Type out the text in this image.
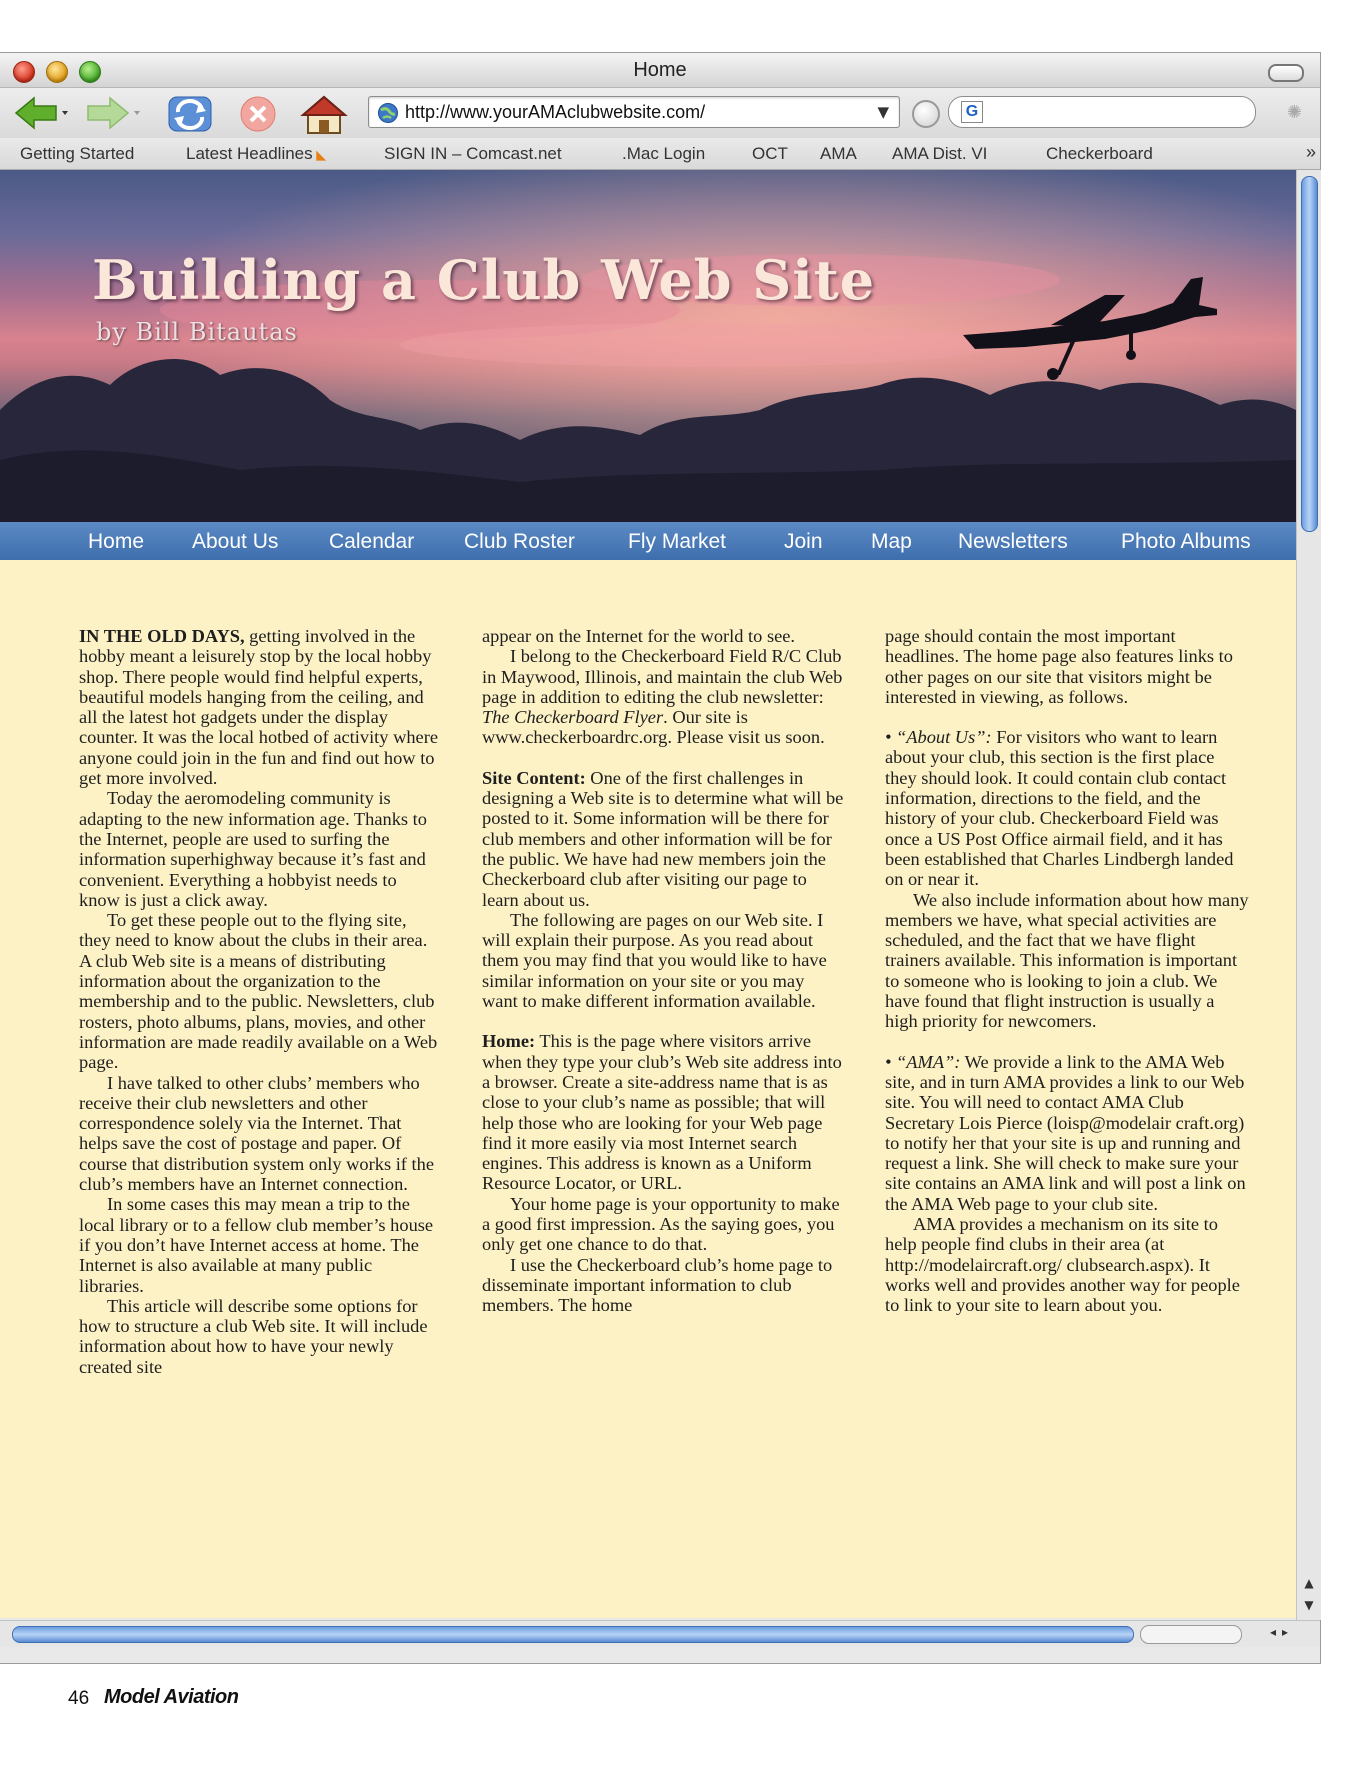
Home
http://www.yourAMAclubwebsite.com/	▼	G	✺
Getting Started	Latest Headlines ◣	SIGN IN – Comcast.net	.Mac Login	OCT AMA AMA Dist. VI	Checkerboard	»
Building a Club Web Site
by Bill Bitautas
Home About Us Calendar Club Roster	Fly Market	Join Map Newsletters	Photo Albums

IN THE OLD DAYS, getting involved in the hobby meant a leisurely stop by the local hobby shop. There people would find helpful experts, beautiful models hanging from the ceiling, and all the latest hot gadgets under the display counter. It was the local hotbed of activity where anyone could join in the fun and find out how to get more involved.

Today the aeromodeling community is adapting to the new information age. Thanks to the Internet, people are used to surfing the information superhighway because it’s fast and convenient. Everything a hobbyist needs to know is just a click away.

To get these people out to the flying site, they need to know about the clubs in their area. A club Web site is a means of distributing information about the organization to the membership and to the public. Newsletters, club rosters, photo albums, plans, movies, and other information are made readily available on a Web page.

I have talked to other clubs’ members who receive their club newsletters and other correspondence solely via the Internet. That helps save the cost of postage and paper. Of course that distribution system only works if the club’s members have an Internet connection.

In some cases this may mean a trip to the local library or to a fellow club member’s house if you don’t have Internet access at home. The Internet is also available at many public libraries.

This article will describe some options for how to structure a club Web site. It will include information about how to have your newly created site

appear on the Internet for the world to see.

I belong to the Checkerboard Field R/C Club in Maywood, Illinois, and maintain the club Web page in addition to editing the club newsletter: The Checkerboard Flyer. Our site is www.checkerboardrc.org. Please visit us soon.

Site Content: One of the first challenges in designing a Web site is to determine what will be posted to it. Some information will be there for club members and other information will be for the public. We have had new members join the Checkerboard club after visiting our page to learn about us.

The following are pages on our Web site. I will explain their purpose. As you read about them you may find that you would like to have similar information on your site or you may want to make different information available.

Home: This is the page where visitors arrive when they type your club’s Web site address into a browser. Create a site-address name that is as close to your club’s name as possible; that will help those who are looking for your Web page find it more easily via most Internet search engines. This address is known as a Uniform Resource Locator, or URL.

Your home page is your opportunity to make a good first impression. As the saying goes, you only get one chance to do that.

I use the Checkerboard club’s home page to disseminate important information to club members. The home

page should contain the most important headlines. The home page also features links to other pages on our site that visitors might be interested in viewing, as follows.

• “About Us”: For visitors who want to learn about your club, this section is the first place they should look. It could contain club contact information, directions to the field, and the history of your club. Checkerboard Field was once a US Post Office airmail field, and it has been established that Charles Lindbergh landed on or near it.

We also include information about how many members we have, what special activities are scheduled, and the fact that we have flight trainers available. This information is important to someone who is looking to join a club. We have found that flight instruction is usually a high priority for newcomers.

• “AMA”: We provide a link to the AMA Web site, and in turn AMA provides a link to our Web site. You will need to contact AMA Club Secretary Lois Pierce (loisp@modelair craft.org) to notify her that your site is up and running and request a link. She will check to make sure your site contains an AMA link and will post a link on the AMA Web page to your club site.

AMA provides a mechanism on its site to help people find clubs in their area (at http://modelaircraft.org/ clubsearch.aspx). It works well and provides another way for people to link to your site to learn about you.

▲
▼
◂▸
46 Model Aviation
